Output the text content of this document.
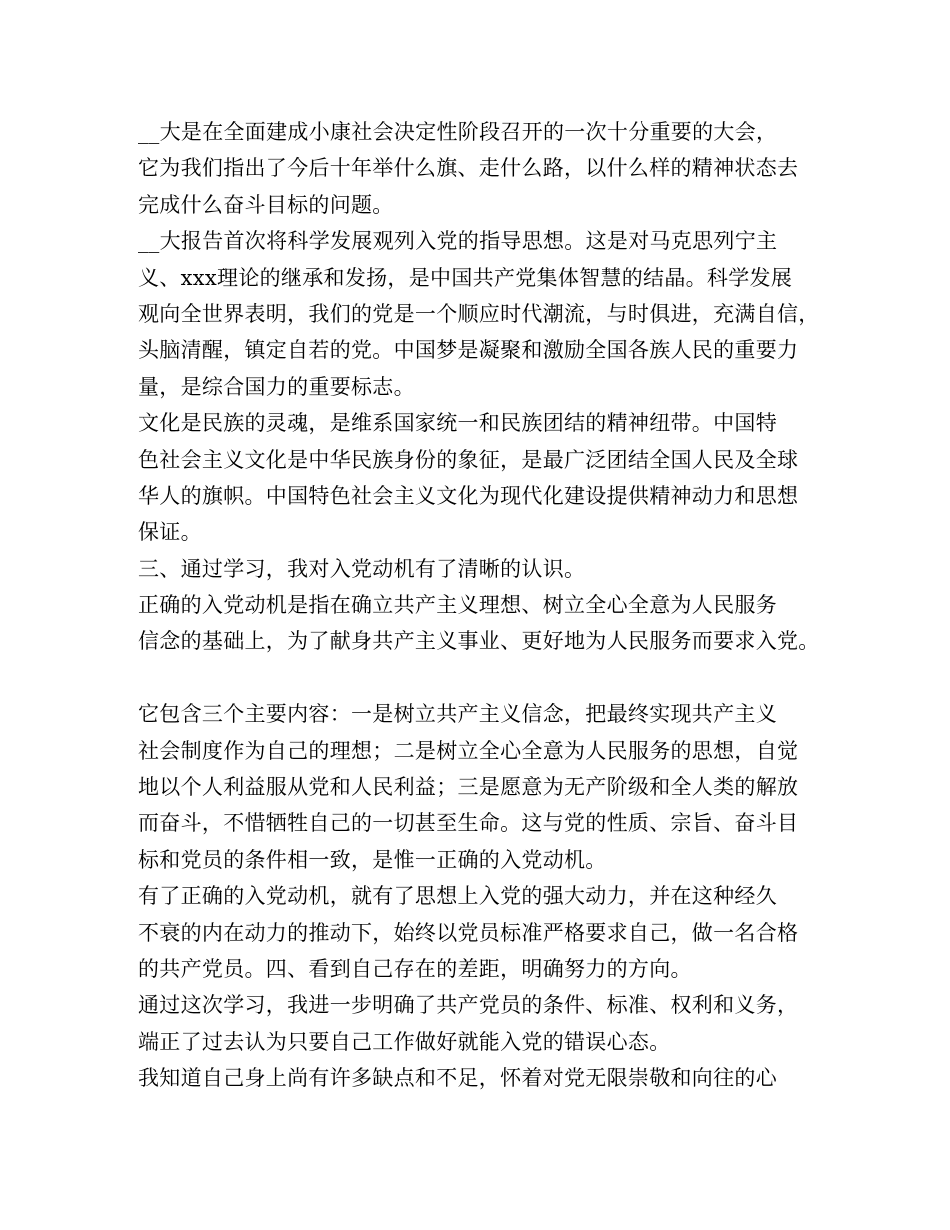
__大是在全面建成小康社会决定性阶段召开的一次十分重要的大会，
它为我们指出了今后十年举什么旗、走什么路，以什么样的精神状态去
完成什么奋斗目标的问题。
__大报告首次将科学发展观列入党的指导思想。这是对马克思列宁主
义、xxx理论的继承和发扬，是中国共产党集体智慧的结晶。科学发展
观向全世界表明，我们的党是一个顺应时代潮流，与时俱进，充满自信，
头脑清醒，镇定自若的党。中国梦是凝聚和激励全国各族人民的重要力
量，是综合国力的重要标志。
文化是民族的灵魂，是维系国家统一和民族团结的精神纽带。中国特
色社会主义文化是中华民族身份的象征，是最广泛团结全国人民及全球
华人的旗帜。中国特色社会主义文化为现代化建设提供精神动力和思想
保证。
三、通过学习，我对入党动机有了清晰的认识。
正确的入党动机是指在确立共产主义理想、树立全心全意为人民服务
信念的基础上，为了献身共产主义事业、更好地为人民服务而要求入党。
它包含三个主要内容：一是树立共产主义信念，把最终实现共产主义
社会制度作为自己的理想；二是树立全心全意为人民服务的思想，自觉
地以个人利益服从党和人民利益；三是愿意为无产阶级和全人类的解放
而奋斗，不惜牺牲自己的一切甚至生命。这与党的性质、宗旨、奋斗目
标和党员的条件相一致，是惟一正确的入党动机。
有了正确的入党动机，就有了思想上入党的强大动力，并在这种经久
不衰的内在动力的推动下，始终以党员标准严格要求自己，做一名合格
的共产党员。四、看到自己存在的差距，明确努力的方向。
通过这次学习，我进一步明确了共产党员的条件、标准、权利和义务，
端正了过去认为只要自己工作做好就能入党的错误心态。
我知道自己身上尚有许多缺点和不足，怀着对党无限崇敬和向往的心
